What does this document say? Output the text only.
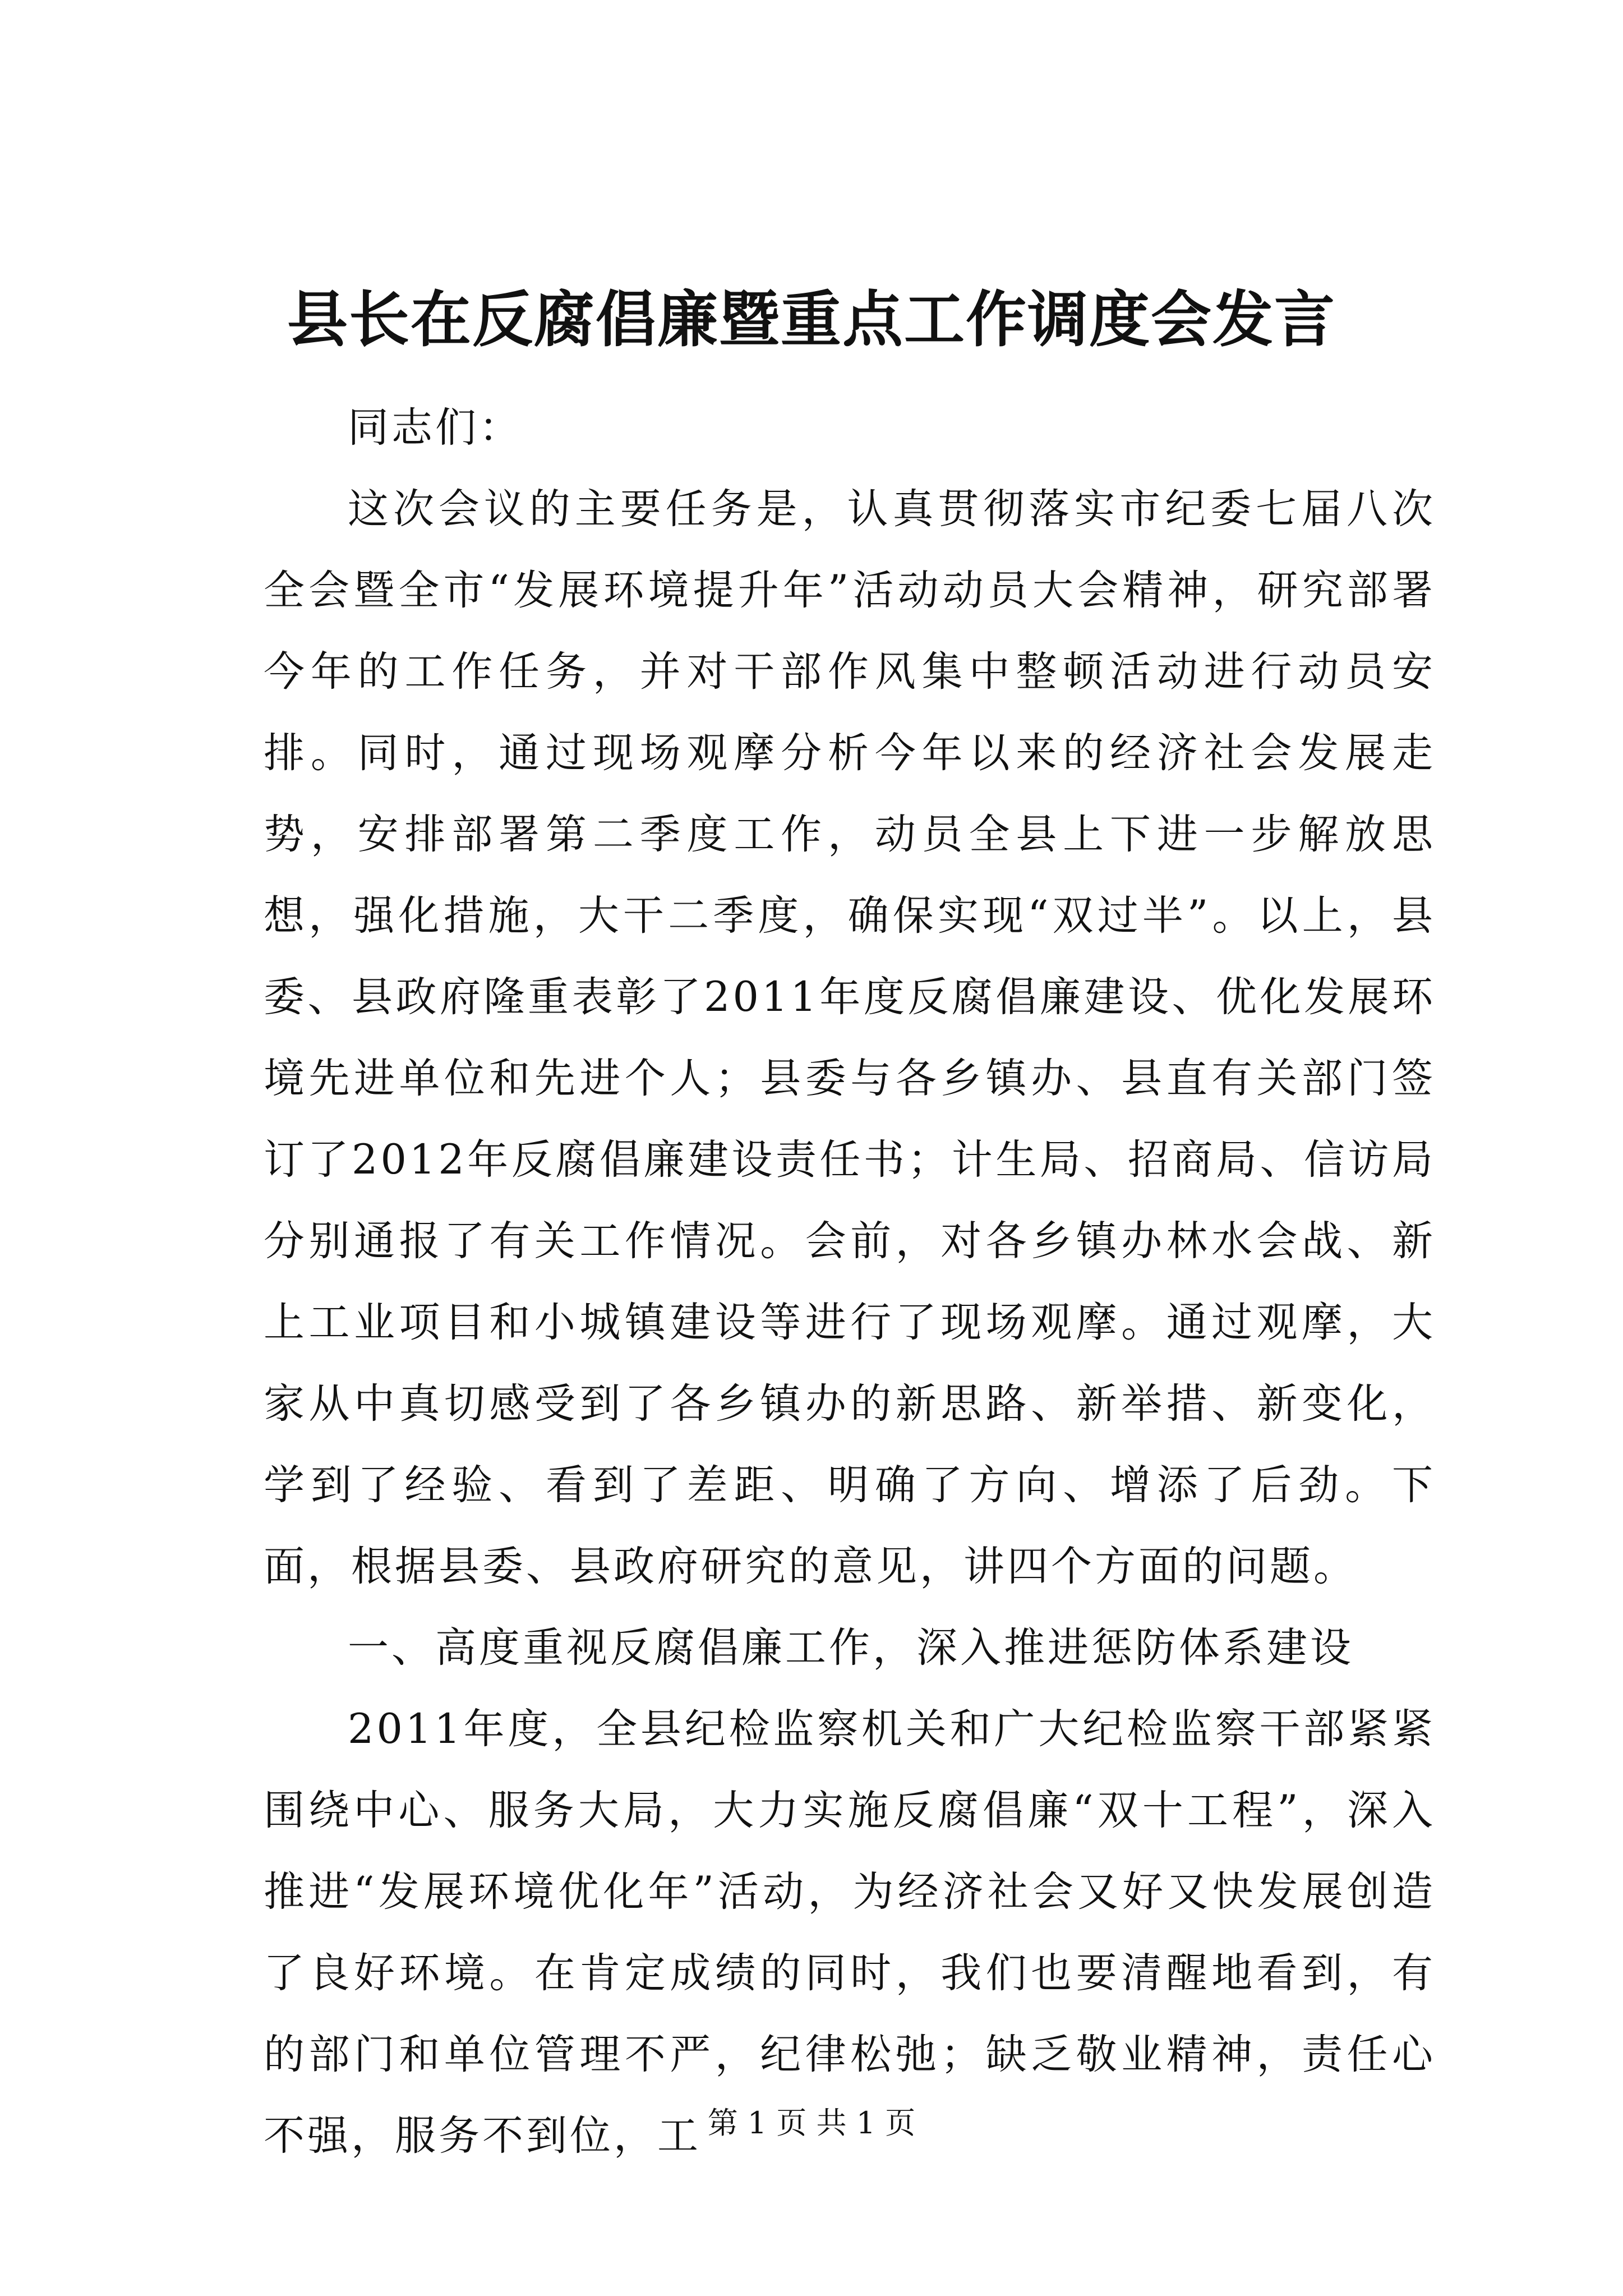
县长在反腐倡廉暨重点工作调度会发言

同志们：

这次会议的主要任务是，认真贯彻落实市纪委七届八次全会暨全市“发展环境提升年”活动动员大会精神，研究部署今年的工作任务，并对干部作风集中整顿活动进行动员安排。同时，通过现场观摩分析今年以来的经济社会发展走势，安排部署第二季度工作，动员全县上下进一步解放思想，强化措施，大干二季度，确保实现“双过半”。以上，县委、县政府隆重表彰了2011年度反腐倡廉建设、优化发展环境先进单位和先进个人；县委与各乡镇办、县直有关部门签订了2012年反腐倡廉建设责任书；计生局、招商局、信访局分别通报了有关工作情况。会前，对各乡镇办林水会战、新上工业项目和小城镇建设等进行了现场观摩。通过观摩，大家从中真切感受到了各乡镇办的新思路、新举措、新变化，学到了经验、看到了差距、明确了方向、增添了后劲。下面，根据县委、县政府研究的意见，讲四个方面的问题。

一、高度重视反腐倡廉工作，深入推进惩防体系建设

2011年度，全县纪检监察机关和广大纪检监察干部紧紧围绕中心、服务大局，大力实施反腐倡廉“双十工程”，深入推进“发展环境优化年”活动，为经济社会又好又快发展创造了良好环境。在肯定成绩的同时，我们也要清醒地看到，有的部门和单位管理不严，纪律松弛；缺乏敬业精神，责任心不强，服务不到位，工 第 1 页 共 1 页
